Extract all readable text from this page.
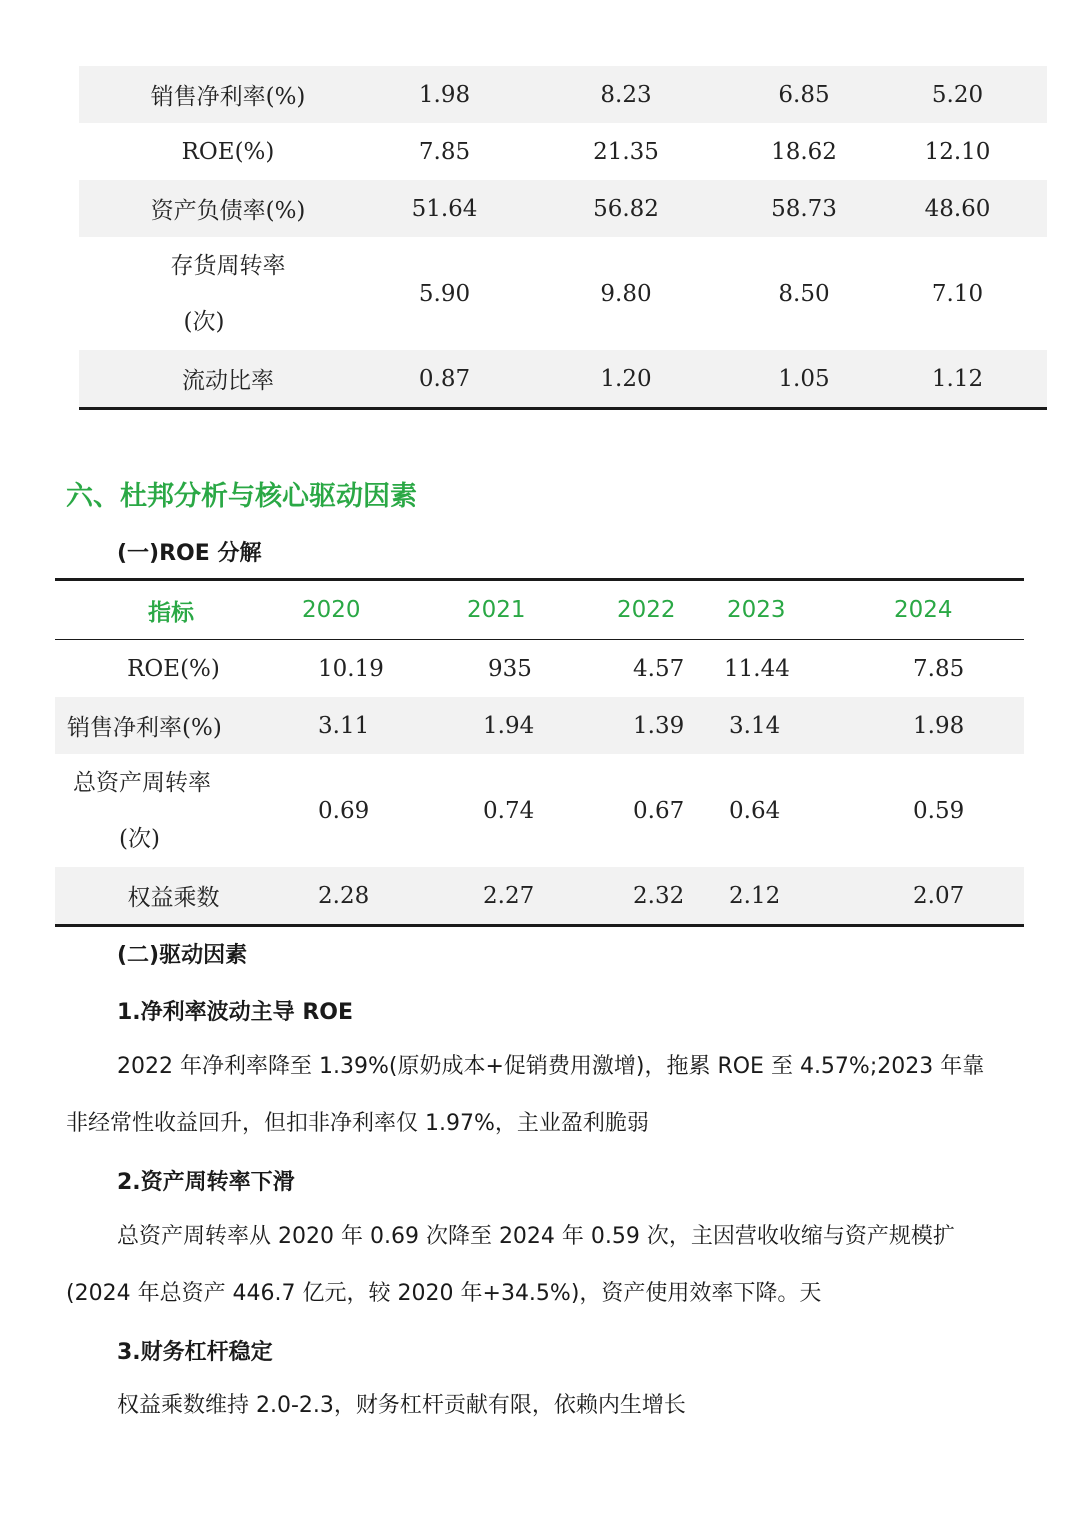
销售净利率(%)	1.98	8.23	6.85	5.20
ROE(%)	7.85	21.35	18.62	12.10
资产负债率(%)	51.64	56.82	58.73	48.60
存货周转率
(次)	5.90	9.80	8.50	7.10
流动比率	0.87	1.20	1.05	1.12
六、杜邦分析与核心驱动因素
(一)ROE 分解
指标	2020	2021	2022	2023	2024
ROE(%)	10.19	935	4.57	11.44	7.85
销售净利率(%)	3.11	1.94	1.39	3.14	1.98
总资产周转率
(次)	0.69	0.74	0.67	0.64	0.59
权益乘数	2.28	2.27	2.32	2.12	2.07
(二)驱动因素
1.净利率波动主导 ROE

2022 年净利率降至 1.39%(原奶成本+促销费用激增)，拖累 ROE 至 4.57%;2023 年靠

非经常性收益回升，但扣非净利率仅 1.97%，主业盈利脆弱

2.资产周转率下滑

总资产周转率从 2020 年 0.69 次降至 2024 年 0.59 次，主因营收收缩与资产规模扩

(2024 年总资产 446.7 亿元，较 2020 年+34.5%)，资产使用效率下降。天

3.财务杠杆稳定

权益乘数维持 2.0-2.3，财务杠杆贡献有限，依赖内生增长
